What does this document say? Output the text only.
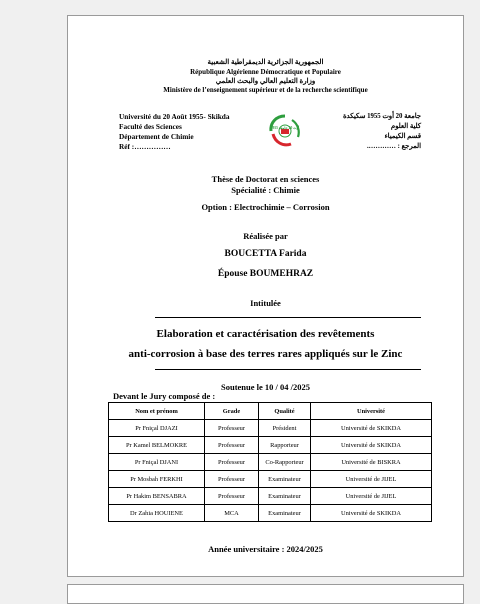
الجمهورية الجزائرية الديمقراطية الشعبية
République Algérienne Démocratique et Populaire
وزارة التعليم العالي والبحث العلمي
Ministère de l’enseignement supérieur et de la recherche scientifique
Université du 20 Août 1955- Skikda
Faculté des Sciences
Département de Chimie
Réf :……………
1955 أوت 20 جامعة
جامعة 20 أوت 1955 سكيكدة
كلية العلوم
قسم الكيمياء
المرجع : ………….
Thèse de Doctorat en sciences
Spécialité : Chimie
Option : Electrochimie – Corrosion
Réalisée par
BOUCETTA Farida
Épouse BOUMEHRAZ
Intitulée
Elaboration et caractérisation des revêtements
anti-corrosion à base des terres rares appliqués sur le Zinc
Soutenue le 10 / 04 /2025
Devant le Jury composé de :
Nom et prénom	Grade	Qualité	Université
Pr Fniçal DJAZI	Professeur	Président	Université de SKIKDA
Pr Kamel BELMOKRE	Professeur	Rapporteur	Université de SKIKDA
Pr Fniçal DJANI	Professeur	Co-Rapporteur	Université de BISKRA
Pr Mosbah FERKHI	Professeur	Examinateur	Université de JIJEL
Pr Hakim BENSABRA	Professeur	Examinateur	Université de JIJEL
Dr Zahia HOUIENE	MCA	Examinateur	Université de SKIKDA
Année universitaire : 2024/2025
